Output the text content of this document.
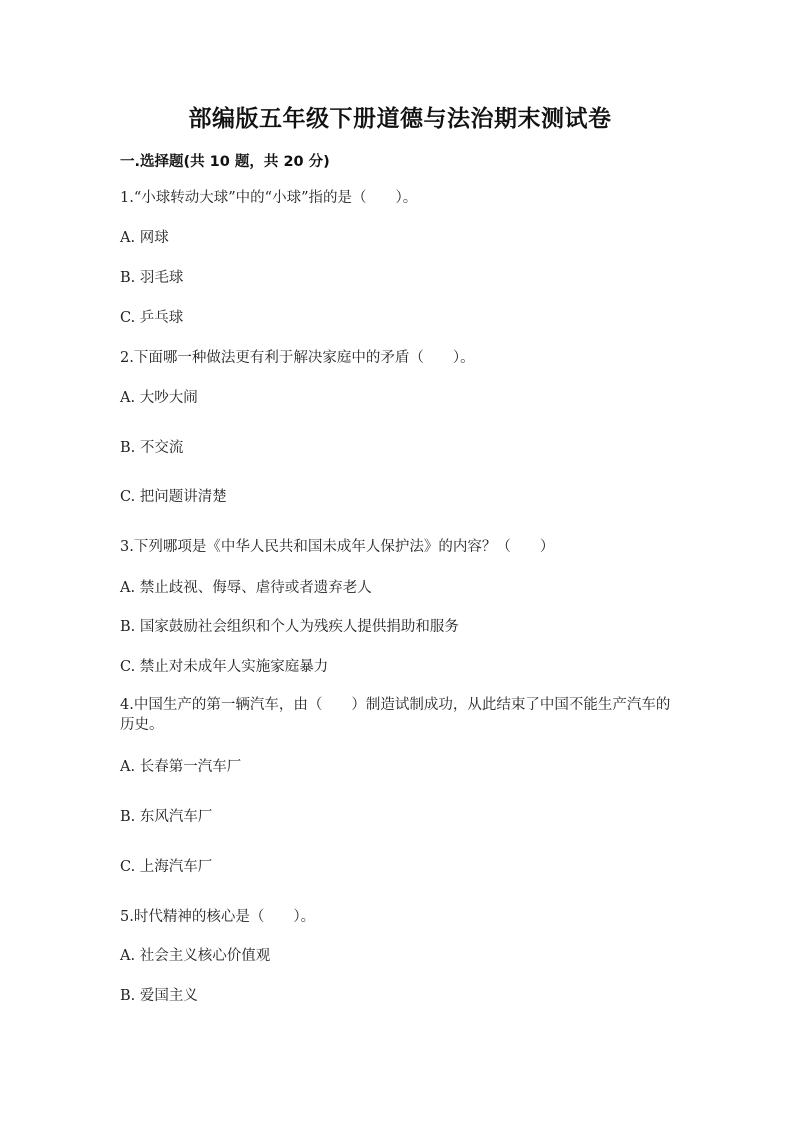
部编版五年级下册道德与法治期末测试卷
一.选择题(共 10 题，共 20 分)
1.“小球转动大球”中的“小球”指的是（　　）。
A. 网球
B. 羽毛球
C. 乒乓球
2.下面哪一种做法更有利于解决家庭中的矛盾（　　）。
A. 大吵大闹
B. 不交流
C. 把问题讲清楚
3.下列哪项是《中华人民共和国未成年人保护法》的内容？（　　）
A. 禁止歧视、侮辱、虐待或者遗弃老人
B. 国家鼓励社会组织和个人为残疾人提供捐助和服务
C. 禁止对未成年人实施家庭暴力
4.中国生产的第一辆汽车，由（　　）制造试制成功，从此结束了中国不能生产汽车的历史。
A. 长春第一汽车厂
B. 东风汽车厂
C. 上海汽车厂
5.时代精神的核心是（　　）。
A. 社会主义核心价值观
B. 爱国主义
